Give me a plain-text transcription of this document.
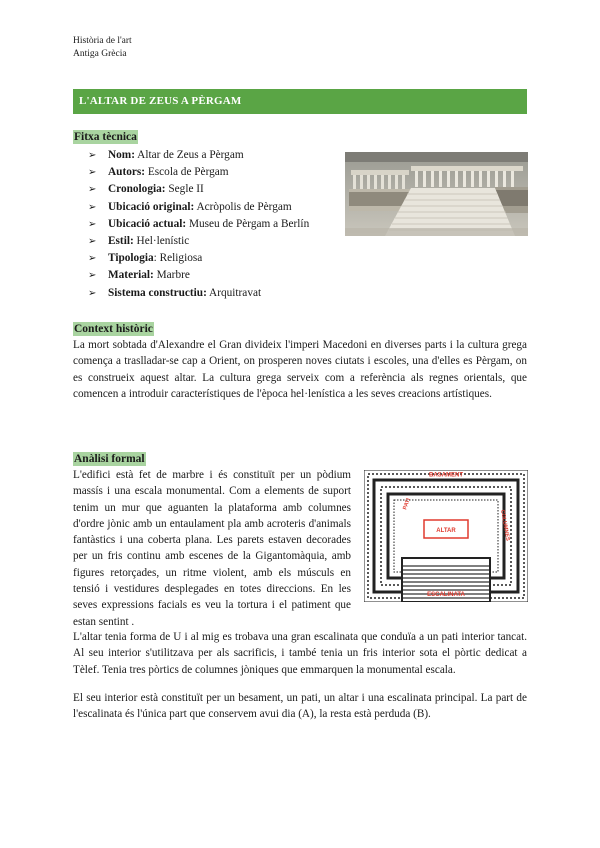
Història de l'art
Antiga Grècia
L'ALTAR DE ZEUS A PÈRGAM
Fitxa tècnica
➢ Nom: Altar de Zeus a Pèrgam
➢ Autors: Escola de Pèrgam
➢ Cronologia: Segle II
➢ Ubicació original: Acròpolis de Pèrgam
➢ Ubicació actual: Museu de Pèrgam a Berlín
➢ Estil: Hel·lenístic
➢ Tipologia: Religiosa
➢ Material: Marbre
➢ Sistema constructiu: Arquitravat
Context històric

La mort sobtada d'Alexandre el Gran divideix l'imperi Macedoni en diverses parts i la cultura grega comença a traslladar-se cap a Orient, on prosperen noves ciutats i escoles, una d'elles es Pèrgam, on es construeix aquest altar. La cultura grega serveix com a referència als regnes orientals, que comencen a introduir característiques de l'època hel·lenística a les seves creacions artístiques.

Anàlisi formal

L'edifici està fet de marbre i és constituït per un pòdium massís i una escala monumental. Com a elements de suport tenim un mur que aguanten la plataforma amb columnes d'ordre jònic amb un entaulament pla amb acroteris d'animals fantàstics i una coberta plana. Les parets estaven decorades per un fris continu amb escenes de la Gigantomàquia, amb figures retorçades, un ritme violent, amb els músculs en tensió i vestidures desplegades en totes direccions. En les seves expressions facials es veu la tortura i el patiment que estan sentint .

ALTAR
BASAMENT
PATI
COLUMNES
ESCALINATA

L'altar tenia forma de U i al mig es trobava una gran escalinata que conduïa a un pati interior tancat. Al seu interior s'utilitzava per als sacrificis, i també tenia un fris interior sota el pòrtic dedicat a Tèlef. Tenia tres pòrtics de columnes jòniques que emmarquen la monumental escala.

El seu interior està constituït per un besament, un pati, un altar i una escalinata principal. La part de l'escalinata és l'única part que conservem avui dia (A), la resta està perduda (B).
